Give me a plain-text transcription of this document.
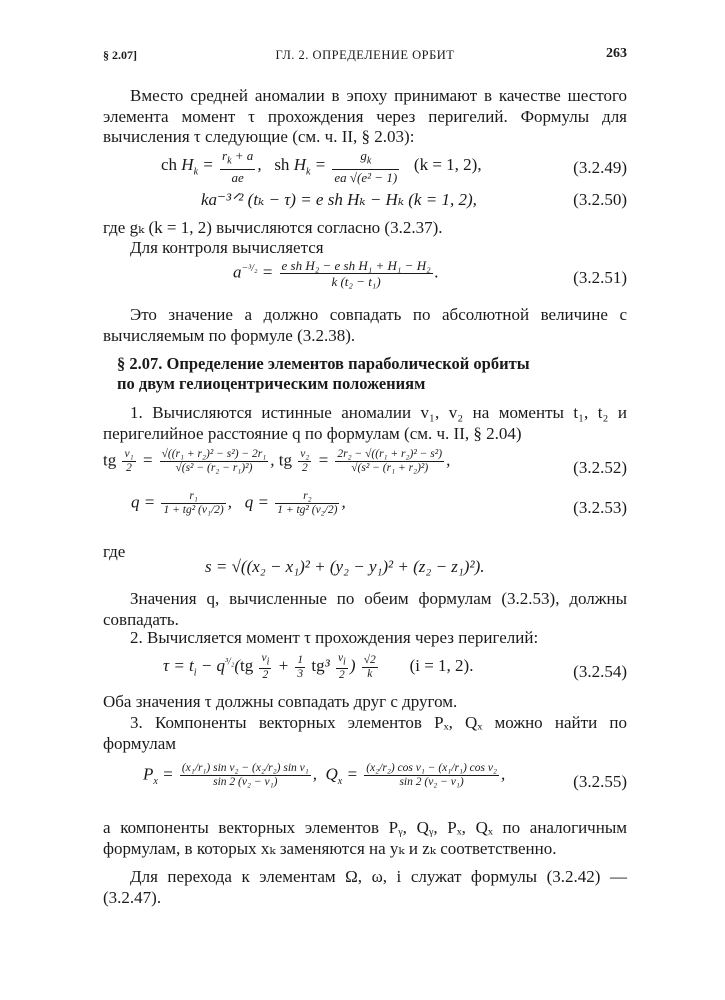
§ 2.07]	ГЛ. 2. ОПРЕДЕЛЕНИЕ ОРБИТ	263
Вместо средней аномалии в эпоху принимают в качестве шестого элемента момент τ прохождения через перигелий. Формулы для вычисления τ следующие (см. ч. II, § 2.03):
ch $H_k = \frac{r_k + a}{ae}$ ,   sh $H_k = \frac{g_k}{\text{ea √(e² − 1)}} (k = 1$, 2),	(3.2.49)
ka⁻³ᐟ² (tₖ − τ) = e sh Hₖ − Hₖ (k = 1, 2),	(3.2.50)
где gₖ (k = 1, 2) вычисляются согласно (3.2.37).
Для контроля вычисляется
$a^{-^3/_2} = \frac{\text{e sh H₂ − e sh H₁ + H₁ − H₂}}{\text{k (t₂ − t₁)}}$ .	(3.2.51)
Это значение a должно совпадать по абсолютной величине с вычисляемым по формуле (3.2.38).
§ 2.07. Определение элементов параболической орбиты
по двум гелиоцентрическим положениям
1. Вычисляются истинные аномалии v₁, v₂ на моменты t₁, t₂ и перигелийное расстояние q по формулам (см. ч. II, § 2.04)
tg $\frac{\text{v₁}}{2} = \frac{\text{√((r₁ + r₂)² − s²) − 2r₁}}{\text{√(s² − (r₂ − r₁)²)}}$ , tg $\frac{\text{v₂}}{2} = \frac{\text{2r₂ − √((r₁ + r₂)² − s²)}}{\text{√(s² − (r₁ + r₂)²)}}$ ,	(3.2.52)
$q = \frac{\text{r₁}}{\text{1 + tg² (v₁/2)}}$ ,   $q = \frac{\text{r₂}}{\text{1 + tg² (v₂/2)}}$ ,	(3.2.53)
где
s = √((x₂ − x₁)² + (y₂ − y₁)² + (z₂ − z₁)²).
Значения q, вычисленные по обеим формулам (3.2.53), должны совпадать.
2. Вычисляется момент τ прохождения через перигелий:
$\tau = t_i - q^{^3/_2}(tg \frac{v_i}{2} + \frac{1}{3} tg^3 \frac{v_i}{2}$ ) $\frac{√2}{k} (i = 1$, 2).	(3.2.54)
Оба значения τ должны совпадать друг с другом.
3. Компоненты векторных элементов Pₓ, Qₓ можно найти по формулам
$P_x = \frac{\text{(x₁/r₁) sin v₂ − (x₂/r₂) sin v₁}}{\text{sin 2 (v₂ − v₁)}}$ ,  $Q_x = \frac{\text{(x₂/r₂) cos v₁ − (x₁/r₁) cos v₂}}{\text{sin 2 (v₂ − v₁)}}$ ,	(3.2.55)
а компоненты векторных элементов Pᵧ, Qᵧ, Pₓ, Qₓ по аналогичным формулам, в которых xₖ заменяются на yₖ и zₖ соответственно.
Для перехода к элементам Ω, ω, i служат формулы (3.2.42) — (3.2.47).
